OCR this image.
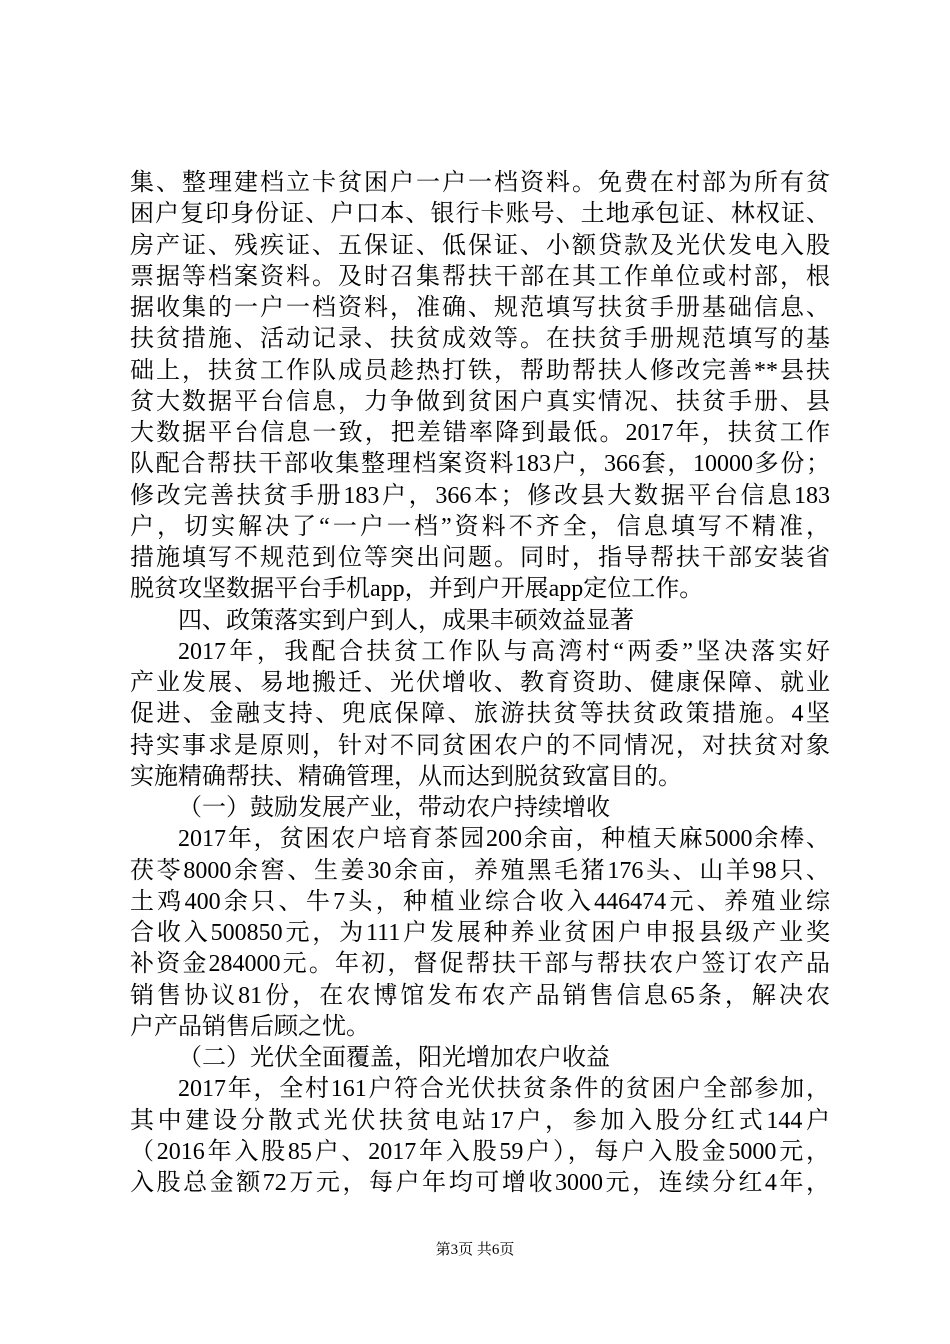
集、整理建档立卡贫困户一户一档资料。免费在村部为所有贫
困户复印身份证、户口本、银行卡账号、土地承包证、林权证、
房产证、残疾证、五保证、低保证、小额贷款及光伏发电入股
票据等档案资料。及时召集帮扶干部在其工作单位或村部，根
据收集的一户一档资料，准确、规范填写扶贫手册基础信息、
扶贫措施、活动记录、扶贫成效等。在扶贫手册规范填写的基
础上，扶贫工作队成员趁热打铁，帮助帮扶人修改完善**县扶
贫大数据平台信息，力争做到贫困户真实情况、扶贫手册、县
大数据平台信息一致，把差错率降到最低。2017年，扶贫工作
队配合帮扶干部收集整理档案资料183户，366套，10000多份；
修改完善扶贫手册183户，366本；修改县大数据平台信息183
户，切实解决了“一户一档”资料不齐全，信息填写不精准，
措施填写不规范到位等突出问题。同时，指导帮扶干部安装省
脱贫攻坚数据平台手机app，并到户开展app定位工作。
四、政策落实到户到人，成果丰硕效益显著
2017年，我配合扶贫工作队与高湾村“两委”坚决落实好
产业发展、易地搬迁、光伏增收、教育资助、健康保障、就业
促进、金融支持、兜底保障、旅游扶贫等扶贫政策措施。4坚
持实事求是原则，针对不同贫困农户的不同情况，对扶贫对象
实施精确帮扶、精确管理，从而达到脱贫致富目的。
（一）鼓励发展产业，带动农户持续增收
2017年，贫困农户培育茶园200余亩，种植天麻5000余棒、
茯苓8000余窖、生姜30余亩，养殖黑毛猪176头、山羊98只、
土鸡400余只、牛7头，种植业综合收入446474元、养殖业综
合收入500850元，为111户发展种养业贫困户申报县级产业奖
补资金284000元。年初，督促帮扶干部与帮扶农户签订农产品
销售协议81份，在农博馆发布农产品销售信息65条，解决农
户产品销售后顾之忧。
（二）光伏全面覆盖，阳光增加农户收益
2017年，全村161户符合光伏扶贫条件的贫困户全部参加，
其中建设分散式光伏扶贫电站17户，参加入股分红式144户
（2016年入股85户、2017年入股59户），每户入股金5000元，
入股总金额72万元，每户年均可增收3000元，连续分红4年，
第3页 共6页
